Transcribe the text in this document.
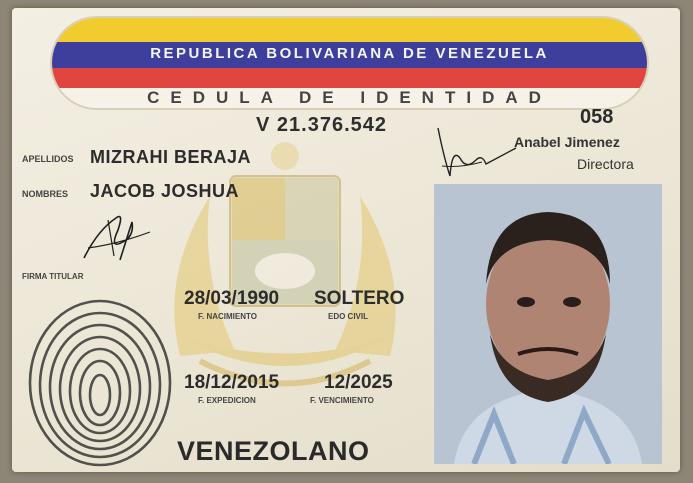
REPUBLICA BOLIVARIANA DE VENEZUELA
CEDULA DE IDENTIDAD
V 21.376.542	058
Anabel Jimenez
Directora
APELLIDOS MIZRAHI BERAJA
NOMBRES JACOB JOSHUA
FIRMA TITULAR
28/03/1990
F. NACIMIENTO
SOLTERO
EDO CIVIL
18/12/2015
F. EXPEDICION
12/2025
F. VENCIMIENTO
VENEZOLANO
